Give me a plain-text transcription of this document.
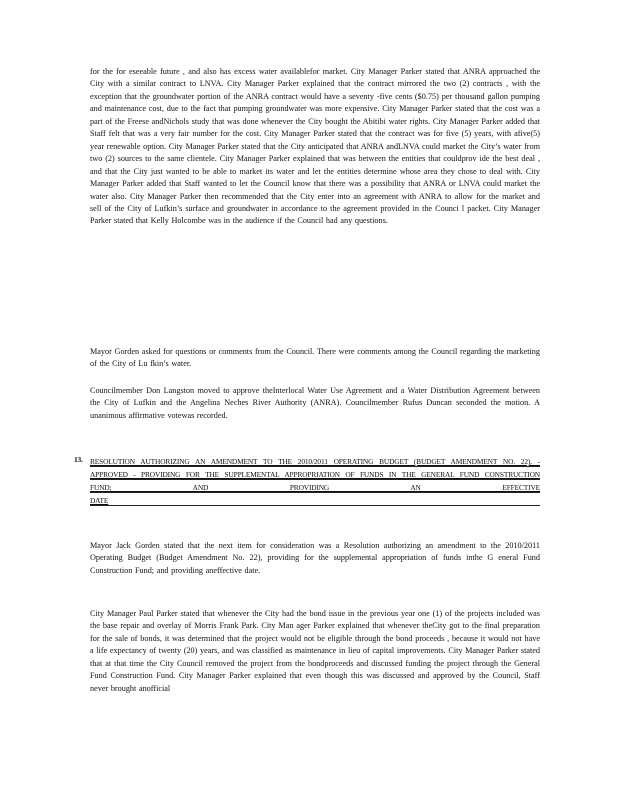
for the for eseeable future , and also has excess water availablefor market. City Manager Parker stated that ANRA approached the City with a similar contract to LNVA. City Manager Parker explained that the contract mirrored the two (2) contracts , with the exception that the groundwater portion of the ANRA contract would have a seventy -five cents ($0.75) per thousand gallon pumping and maintenance cost, due to the fact that pumping groundwater was more expensive. City Manager Parker stated that the cost was a part of the Freese andNichols study that was done whenever the City bought the Abitibi water rights. City Manager Parker added that Staff felt that was a very fair number for the cost. City Manager Parker stated that the contract was for five (5) years, with afive(5) year renewable option. City Manager Parker stated that the City anticipated that ANRA andLNVA could market the City’s water from two (2) sources to the same clientele. City Manager Parker explained that was between the entities that couldprov ide the best deal , and that the City just wanted to be able to market its water and let the entities determine whose area they chose to deal with. City Manager Parker added that Staff wanted to let the Council know that there was a possibility that ANRA or LNVA could market the water also. City Manager Parker then recommended that the City enter into an agreement with ANRA to allow for the market and sell of the City of Lufkin’s surface and groundwater in accordance to the agreement provided in the Counci l packet. City Manager Parker stated that Kelly Holcombe was in the audience if the Council had any questions.

Mayor Gorden asked for questions or comments from the Council. There were comments among the Council regarding the marketing of the City of Lu fkin’s water.

Councilmember Don Langston moved to approve theInterlocal Water Use Agreement and a Water Distribution Agreement between the City of Lufkin and the Angelina Neches River Authority (ANRA). Councilmember Rufus Duncan seconded the motion. A unanimous affirmative votewas recorded.

13. RESOLUTION AUTHORIZING AN AMENDMENT TO THE 2010/2011 OPERATING BUDGET (BUDGET AMENDMENT NO. 22), - APPROVED - PROVIDING FOR THE SUPPLEMENTAL APPROPRIATION OF FUNDS IN THE GENERAL FUND CONSTRUCTION FUND; AND PROVIDING AN EFFECTIVE
DATE

Mayor Jack Gorden stated that the next item for consideration was a Resolution authorizing an amendment to the 2010/2011 Operating Budget (Budget Amendment No. 22), providing for the supplemental appropriation of funds inthe G eneral Fund Construction Fund; and providing aneffective date.

City Manager Paul Parker stated that whenever the City had the bond issue in the previous year one (1) of the projects included was the base repair and overlay of Morris Frank Park. City Man ager Parker explained that whenever theCity got to the final preparation for the sale of bonds, it was determined that the project would not be eligible through the bond proceeds , because it would not have a life expectancy of twenty (20) years, and was classified as maintenance in lieu of capital improvements. City Manager Parker stated that at that time the City Council removed the project from the bondproceeds and discussed funding the project through the General Fund Construction Fund. City Manager Parker explained that even though this was discussed and approved by the Council, Staff never brought anofficial
